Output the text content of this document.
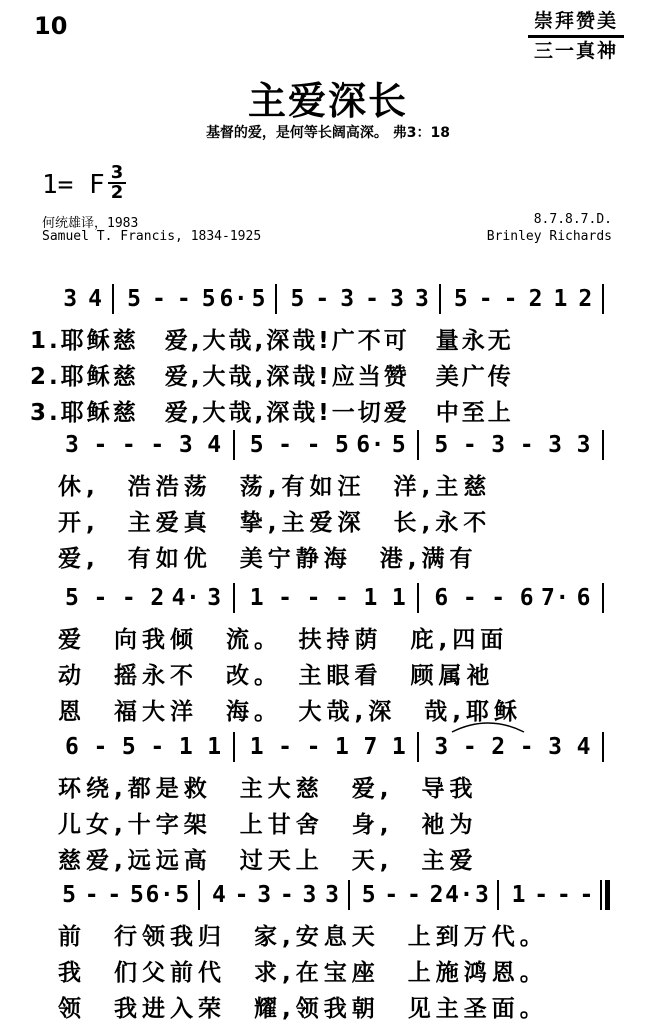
10	崇拜赞美
三一真神
主爱深长
基督的爱，是何等长阔高深。 弗3：18
1= F 3
2
何统雄译，1983
Samuel T. Francis, 1834-1925
8.7.8.7.D.
Brinley Richards
3 4	5 - - 5 6· 5	5 - 3 - 3 3	5 - - 2 1 2
1.耶稣慈　爱,大哉,深哉!广不可　量永无
2.耶稣慈　爱,大哉,深哉!应当赞　美广传
3.耶稣慈　爱,大哉,深哉!一切爱　中至上
3 - - - 3 4	5 - - 5 6· 5	5 - 3 - 3 3
休,　浩浩荡　荡,有如汪　洋,主慈
开,　主爱真　挚,主爱深　长,永不
爱,　有如优　美宁静海　港,满有
5 - - 2 4· 3	1 - - - 1 1	6 - - 6 7· 6
爱　向我倾　流。　扶持荫　庇,四面
动　摇永不　改。　主眼看　顾属祂
恩　福大洋　海。　大哉,深　哉,耶稣
6 - 5 - 1 1	1 - - 1 7 1	3 - 2 - 3 4
环绕,都是救　主大慈　爱,　导我
儿女,十字架　上甘舍　身,　祂为
慈爱,远远高　过天上　天,　主爱
5 - - 5 6· 5 4 - 3 - 3 3 5 - - 2 4· 3 1 - - -
前　行领我归　家,安息天　上到万代。
我　们父前代　求,在宝座　上施鸿恩。
领　我进入荣　耀,领我朝　见主圣面。
